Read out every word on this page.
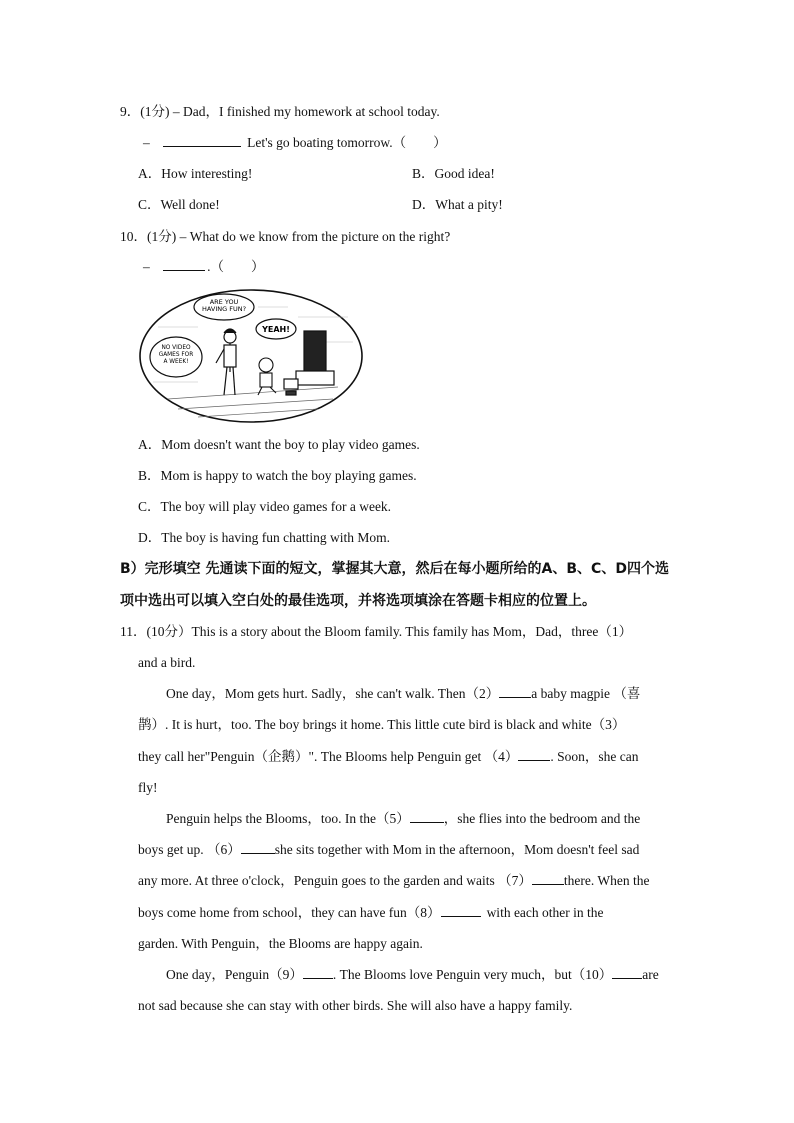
9．(1分) – Dad，I finished my homework at school today.
–	Let's go boating tomorrow.（　　）
A．How interesting!	B．Good idea!
C．Well done!	D．What a pity!
10．(1分) – What do we know from the picture on the right?
–	.（　　）
ARE YOU HAVING FUN?
YEAH!
NO VIDEO GAMES FOR A WEEK!
A．Mom doesn't want the boy to play video games.
B．Mom is happy to watch the boy playing games.
C．The boy will play video games for a week.
D．The boy is having fun chatting with Mom.
B）完形填空 先通读下面的短文，掌握其大意，然后在每小题所给的A、B、C、D四个选
项中选出可以填入空白处的最佳选项，并将选项填涂在答题卡相应的位置上。
11．(10分）This is a story about the Bloom family. This family has Mom，Dad，three（1）
and a bird.
One day，Mom gets hurt. Sadly，she can't walk. Then（2） a baby magpie （喜
鹊）. It is hurt，too. The boy brings it home. This little cute bird is black and white（3）
they call her"Penguin（企鹅）". The Blooms help Penguin get （4） . Soon，she can
fly!
Penguin helps the Blooms，too. In the（5）	，she flies into the bedroom and the
boys get up. （6）	she sits together with Mom in the afternoon，Mom doesn't feel sad
any more. At three o'clock，Penguin goes to the garden and waits （7） there. When the
boys come home from school，they can have fun（8）	with each other in the
garden. With Penguin，the Blooms are happy again.
One day，Penguin（9） . The Blooms love Penguin very much，but（10） are
not sad because she can stay with other birds. She will also have a happy family.
